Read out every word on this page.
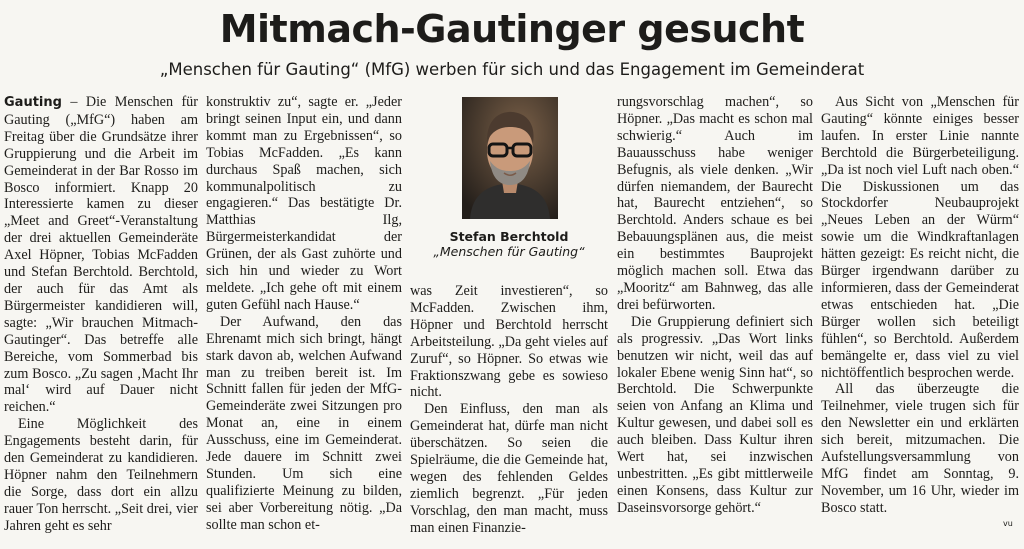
Mitmach-Gautinger gesucht
„Menschen für Gauting“ (MfG) werben für sich und das Engagement im Gemeinderat

Gauting – Die Menschen für Gauting („MfG“) haben am Freitag über die Grundsätze ihrer Gruppierung und die Arbeit im Gemeinderat in der Bar Rosso im Bosco informiert. Knapp 20 Interessierte kamen zu dieser „Meet and Greet“-Veranstaltung der drei aktuellen Gemeinderäte Axel Höpner, Tobias McFadden und Stefan Berchtold. Berchtold, der auch für das Amt als Bürgermeister kandidieren will, sagte: „Wir brauchen Mitmach-Gautinger“. Das betreffe alle Bereiche, vom Sommerbad bis zum Bosco. „Zu sagen ‚Macht Ihr mal‘ wird auf Dauer nicht reichen.“

Eine Möglichkeit des Engagements besteht darin, für den Gemeinderat zu kandidieren. Höpner nahm den Teilnehmern die Sorge, dass dort ein allzu rauer Ton herrscht. „Seit drei, vier Jahren geht es sehr

konstruktiv zu“, sagte er. „Jeder bringt seinen Input ein, und dann kommt man zu Ergebnissen“, so Tobias McFadden. „Es kann durchaus Spaß machen, sich kommunalpolitisch zu engagieren.“ Das bestätigte Dr. Matthias Ilg, Bürgermeisterkandidat der Grünen, der als Gast zuhörte und sich hin und wieder zu Wort meldete. „Ich gehe oft mit einem guten Gefühl nach Hause.“

Der Aufwand, den das Ehrenamt mich sich bringt, hängt stark davon ab, welchen Aufwand man zu treiben bereit ist. Im Schnitt fallen für jeden der MfG-Gemeinderäte zwei Sitzungen pro Monat an, eine in einem Ausschuss, eine im Gemeinderat. Jede dauere im Schnitt zwei Stunden. Um sich eine qualifizierte Meinung zu bilden, sei aber Vorbereitung nötig. „Da sollte man schon et-

Stefan Berchtold
„Menschen für Gauting“

was Zeit investieren“, so McFadden. Zwischen ihm, Höpner und Berchtold herrscht Arbeitsteilung. „Da geht vieles auf Zuruf“, so Höpner. So etwas wie Fraktionszwang gebe es sowieso nicht.

Den Einfluss, den man als Gemeinderat hat, dürfe man nicht überschätzen. So seien die Spielräume, die die Gemeinde hat, wegen des fehlenden Geldes ziemlich begrenzt. „Für jeden Vorschlag, den man macht, muss man einen Finanzie-

rungsvorschlag machen“, so Höpner. „Das macht es schon mal schwierig.“ Auch im Bauausschuss habe weniger Befugnis, als viele denken. „Wir dürfen niemandem, der Baurecht hat, Baurecht entziehen“, so Berchtold. Anders schaue es bei Bebauungsplänen aus, die meist ein bestimmtes Bauprojekt möglich machen soll. Etwa das „Mooritz“ am Bahnweg, das alle drei befürworten.

Die Gruppierung definiert sich als progressiv. „Das Wort links benutzen wir nicht, weil das auf lokaler Ebene wenig Sinn hat“, so Berchtold. Die Schwerpunkte seien von Anfang an Klima und Kultur gewesen, und dabei soll es auch bleiben. Dass Kultur ihren Wert hat, sei inzwischen unbestritten. „Es gibt mittlerweile einen Konsens, dass Kultur zur Daseinsvorsorge gehört.“

Aus Sicht von „Menschen für Gauting“ könnte einiges besser laufen. In erster Linie nannte Berchtold die Bürgerbeteiligung. „Da ist noch viel Luft nach oben.“ Die Diskussionen um das Stockdorfer Neubauprojekt „Neues Leben an der Würm“ sowie um die Windkraftanlagen hätten gezeigt: Es reicht nicht, die Bürger irgendwann darüber zu informieren, dass der Gemeinderat etwas entschieden hat. „Die Bürger wollen sich beteiligt fühlen“, so Berchtold. Außerdem bemängelte er, dass viel zu viel nichtöffentlich besprochen werde.

All das überzeugte die Teilnehmer, viele trugen sich für den Newsletter ein und erklärten sich bereit, mitzumachen. Die Aufstellungsversammlung von MfG findet am Sonntag, 9. November, um 16 Uhr, wieder im Bosco statt.

vu
